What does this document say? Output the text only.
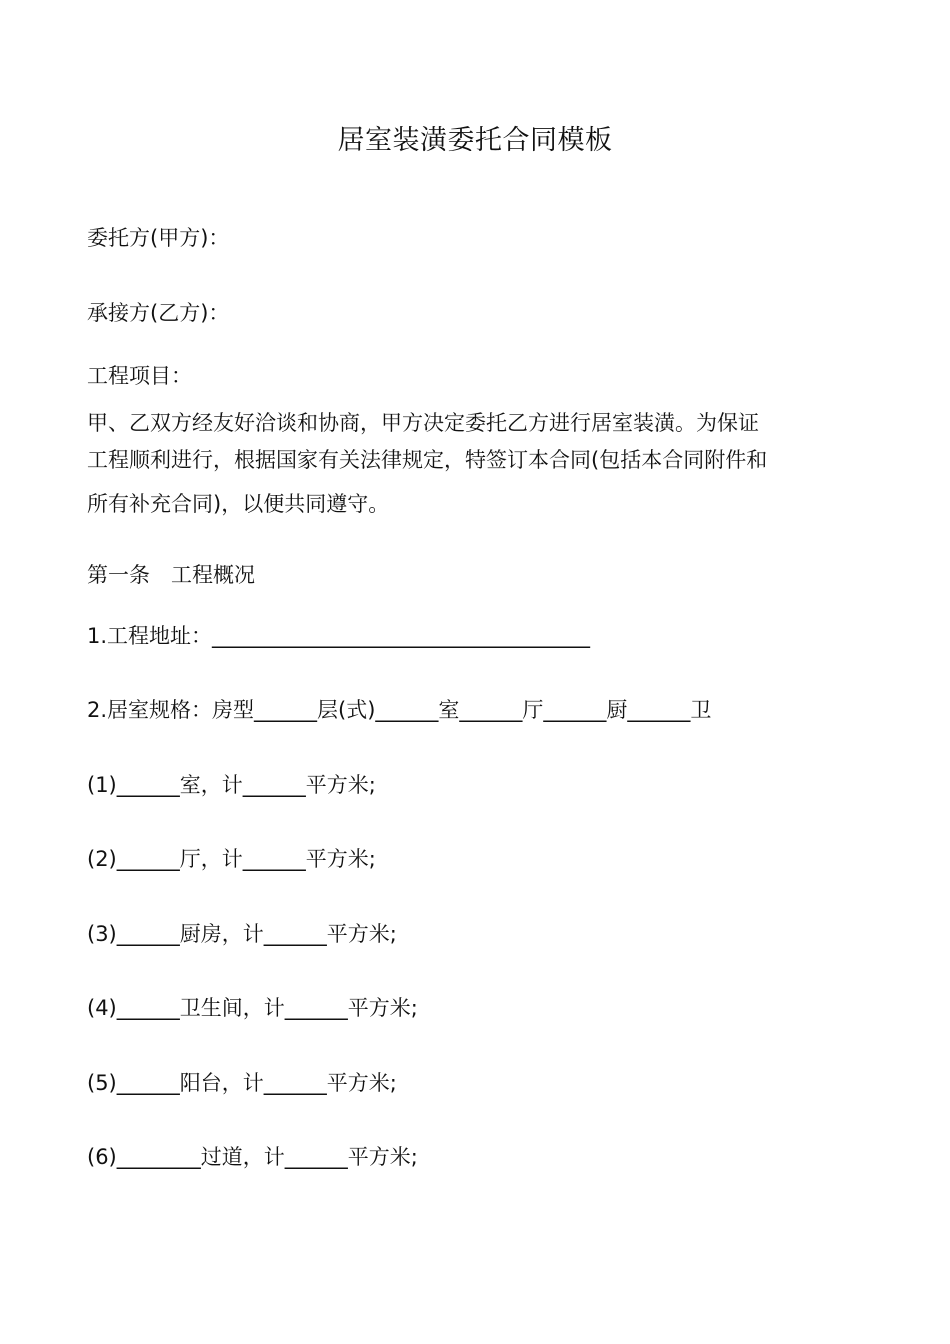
居室装潢委托合同模板
委托方(甲方)：
承接方(乙方)：
工程项目：
甲、乙双方经友好洽谈和协商，甲方决定委托乙方进行居室装潢。为保证
工程顺利进行，根据国家有关法律规定，特签订本合同(包括本合同附件和
所有补充合同)，以便共同遵守。
第一条　工程概况
1.工程地址：____________________________________
2.居室规格：房型______层(式)______室______厅______厨______卫
(1)______室，计______平方米;
(2)______厅，计______平方米;
(3)______厨房，计______平方米;
(4)______卫生间，计______平方米;
(5)______阳台，计______平方米;
(6)________过道，计______平方米;
